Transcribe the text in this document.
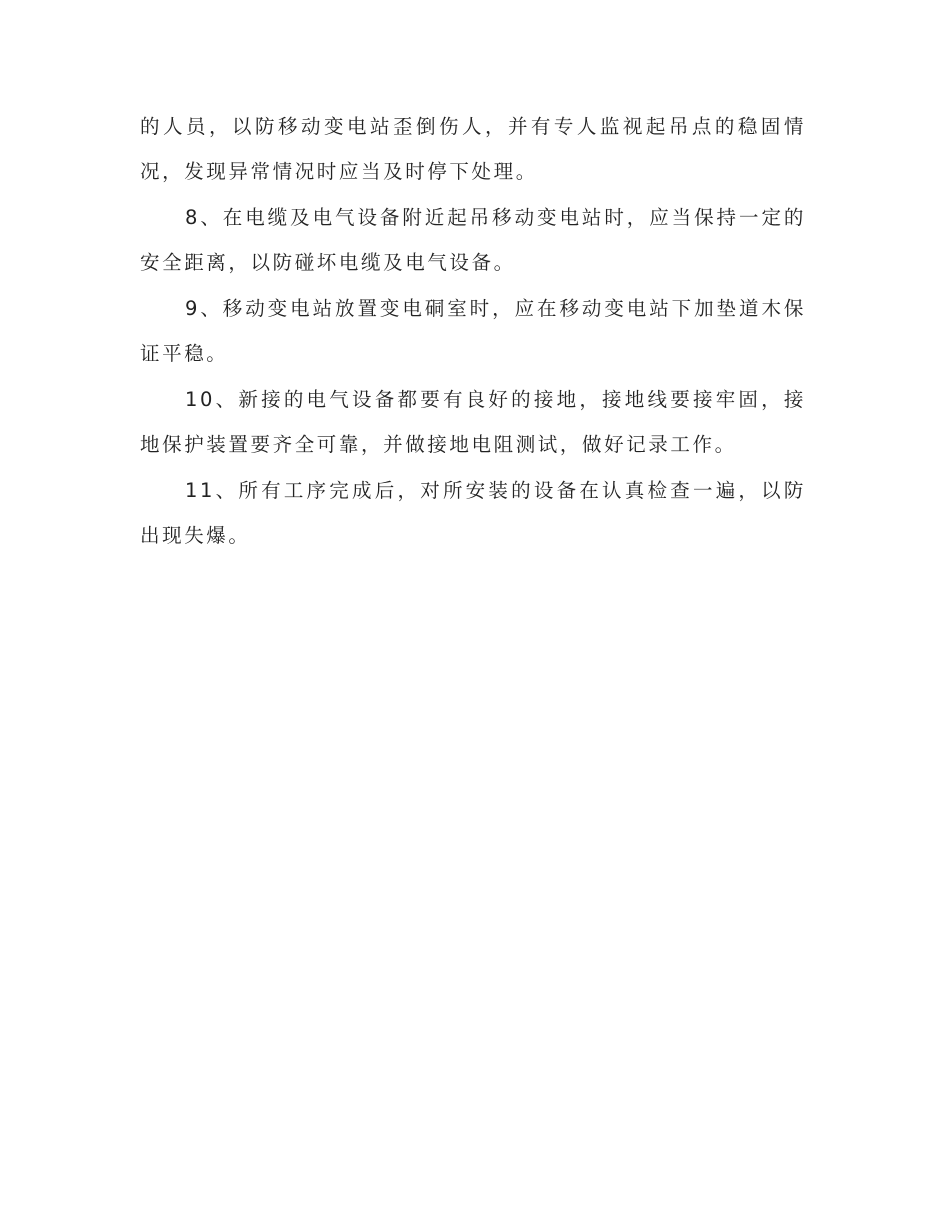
的人员，以防移动变电站歪倒伤人，并有专人监视起吊点的稳固情况，发现异常情况时应当及时停下处理。

8、在电缆及电气设备附近起吊移动变电站时，应当保持一定的安全距离，以防碰坏电缆及电气设备。

9、移动变电站放置变电硐室时，应在移动变电站下加垫道木保证平稳。

10、新接的电气设备都要有良好的接地，接地线要接牢固，接地保护装置要齐全可靠，并做接地电阻测试，做好记录工作。

11、所有工序完成后，对所安装的设备在认真检查一遍，以防出现失爆。
